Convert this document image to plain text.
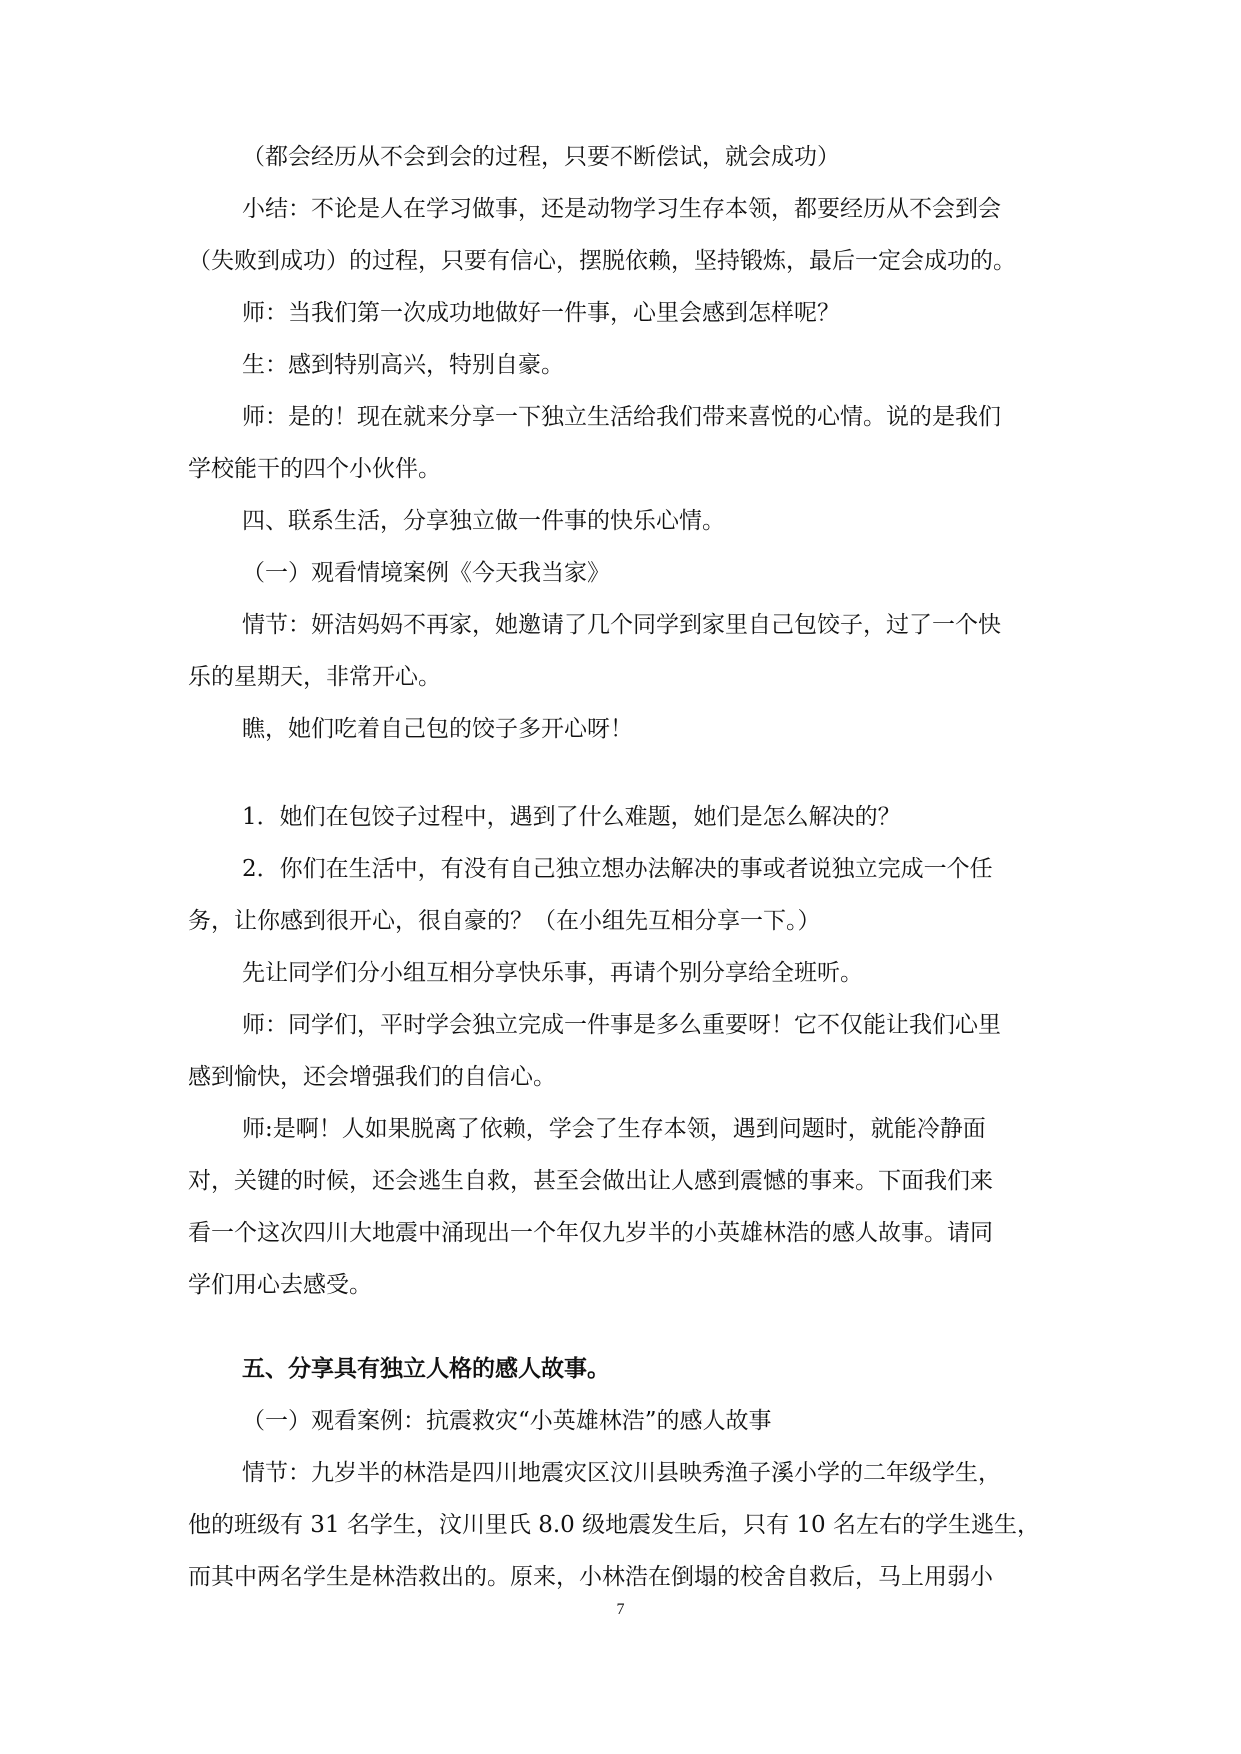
（都会经历从不会到会的过程，只要不断偿试，就会成功）

小结：不论是人在学习做事，还是动物学习生存本领，都要经历从不会到会

（失败到成功）的过程，只要有信心，摆脱依赖，坚持锻炼，最后一定会成功的。

师：当我们第一次成功地做好一件事，心里会感到怎样呢？

生：感到特别高兴，特别自豪。

师：是的！现在就来分享一下独立生活给我们带来喜悦的心情。说的是我们

学校能干的四个小伙伴。

四、联系生活，分享独立做一件事的快乐心情。

（一）观看情境案例《今天我当家》

情节：妍洁妈妈不再家，她邀请了几个同学到家里自己包饺子，过了一个快

乐的星期天，非常开心。

瞧，她们吃着自己包的饺子多开心呀！

1．她们在包饺子过程中，遇到了什么难题，她们是怎么解决的？

2．你们在生活中，有没有自己独立想办法解决的事或者说独立完成一个任

务，让你感到很开心，很自豪的？（在小组先互相分享一下。）

先让同学们分小组互相分享快乐事，再请个别分享给全班听。

师：同学们，平时学会独立完成一件事是多么重要呀！它不仅能让我们心里

感到愉快，还会增强我们的自信心。

师:是啊！人如果脱离了依赖，学会了生存本领，遇到问题时，就能冷静面

对，关键的时候，还会逃生自救，甚至会做出让人感到震憾的事来。下面我们来

看一个这次四川大地震中涌现出一个年仅九岁半的小英雄林浩的感人故事。请同

学们用心去感受。

五、分享具有独立人格的感人故事。

（一）观看案例：抗震救灾“小英雄林浩”的感人故事

情节：九岁半的林浩是四川地震灾区汶川县映秀渔子溪小学的二年级学生，

他的班级有 31 名学生，汶川里氏 8.0 级地震发生后，只有 10 名左右的学生逃生，

而其中两名学生是林浩救出的。原来，小林浩在倒塌的校舍自救后，马上用弱小

7
